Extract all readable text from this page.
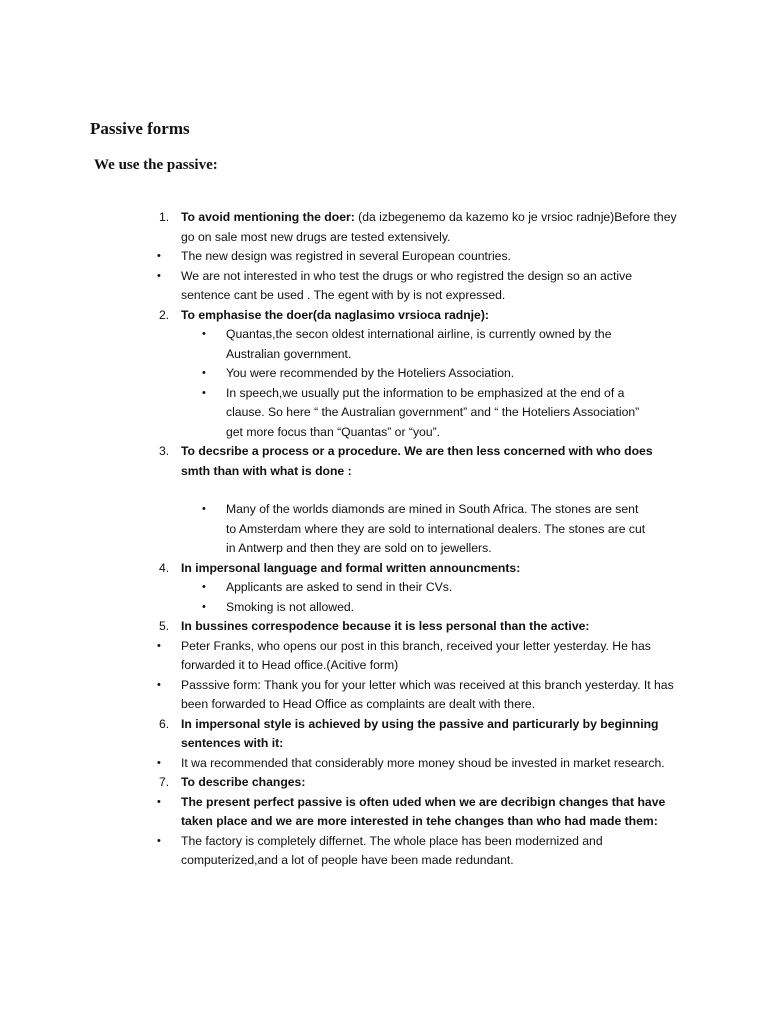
Passive forms
We use the passive:
1. To avoid mentioning the doer: (da izbegenemo da kazemo ko je vrsioc radnje)Before they go on sale most new drugs are tested extensively.
• The new design was registred in several European countries.
• We are not interested in who test the drugs or who registred the design so an active sentence cant be used . The egent with by is not expressed.
2. To emphasise the doer(da naglasimo vrsioca radnje):
• Quantas,the secon oldest international airline, is currently owned by the Australian government.
• You were recommended by the Hoteliers Association.
• In speech,we usually put the information to be emphasized at the end of a clause. So here “ the Australian government” and “ the Hoteliers Association” get more focus than “Quantas” or “you”.
3. To decsribe a process or a procedure. We are then less concerned with who does smth than with what is done :
• Many of the worlds diamonds are mined in South Africa. The stones are sent to Amsterdam where they are sold to international dealers. The stones are cut in Antwerp and then they are sold on to jewellers.
4. In impersonal language and formal written announcments:
• Applicants are asked to send in their CVs.
• Smoking is not allowed.
5. In bussines correspodence because it is less personal than the active:
• Peter Franks, who opens our post in this branch, received your letter yesterday. He has forwarded it to Head office.(Acitive form)
• Passsive form: Thank you for your letter which was received at this branch yesterday. It has been forwarded to Head Office as complaints are dealt with there.
6. In impersonal style is achieved by using the passive and particurarly by beginning sentences with it:
• It wa recommended that considerably more money shoud be invested in market research.
7. To describe changes:
• The present perfect passive is often uded when we are decribign changes that have taken place and we are more interested in tehe changes than who had made them:
• The factory is completely differnet. The whole place has been modernized and computerized,and a lot of people have been made redundant.
